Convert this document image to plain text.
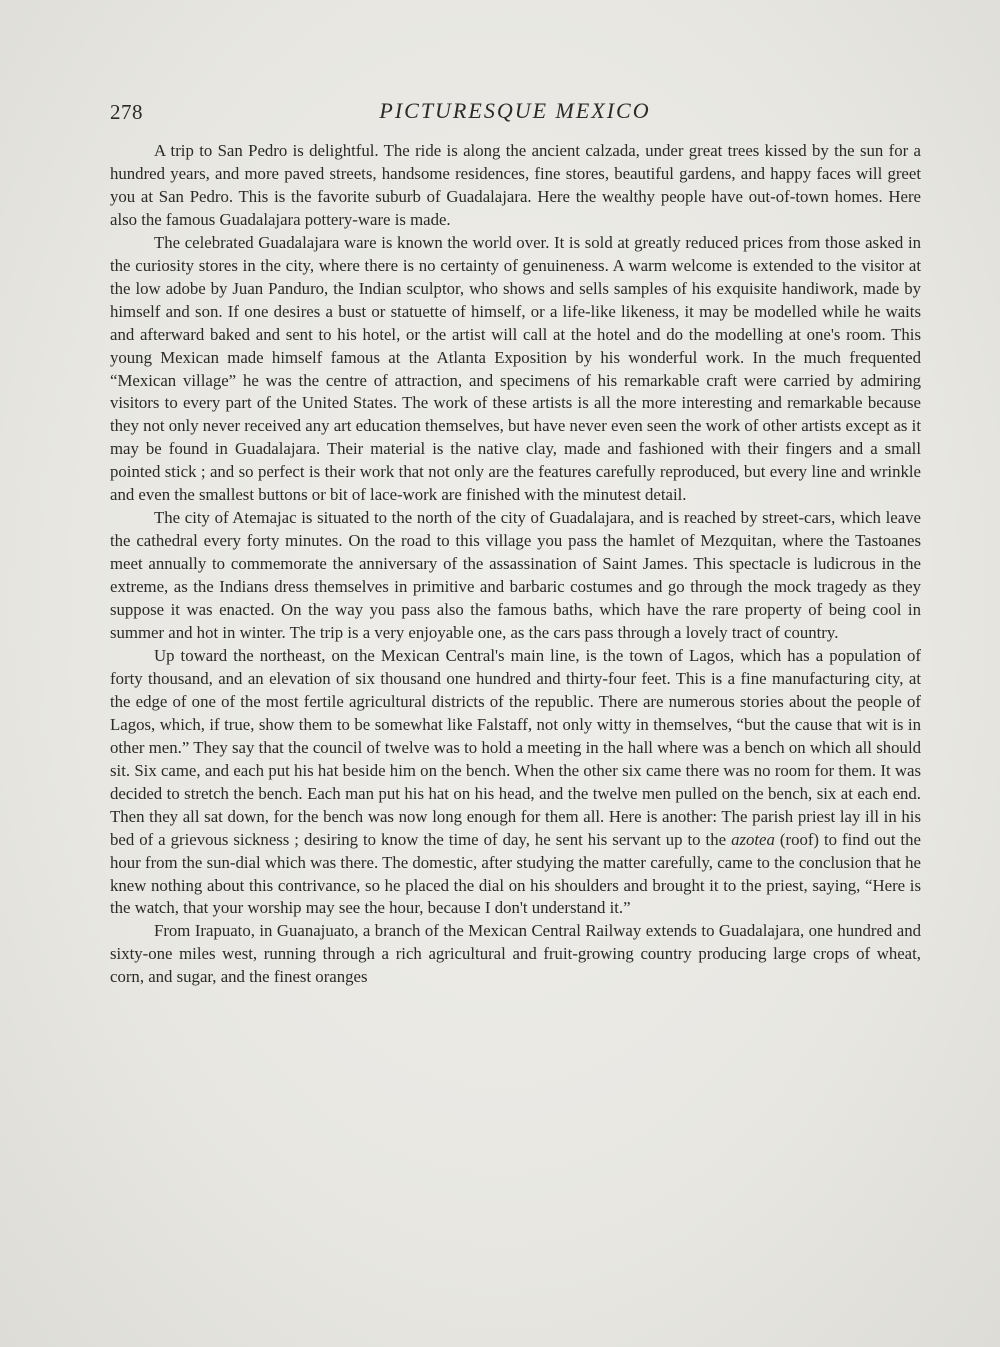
278	PICTURESQUE MEXICO

A trip to San Pedro is delightful. The ride is along the ancient calzada, under great trees kissed by the sun for a hundred years, and more paved streets, handsome residences, fine stores, beautiful gardens, and happy faces will greet you at San Pedro. This is the favorite suburb of Guadalajara. Here the wealthy people have out-of-town homes. Here also the famous Guadalajara pottery-ware is made.

The celebrated Guadalajara ware is known the world over. It is sold at greatly reduced prices from those asked in the curiosity stores in the city, where there is no certainty of genuineness. A warm welcome is extended to the visitor at the low adobe by Juan Panduro, the Indian sculptor, who shows and sells samples of his exquisite handiwork, made by himself and son. If one desires a bust or statuette of himself, or a life-like likeness, it may be modelled while he waits and afterward baked and sent to his hotel, or the artist will call at the hotel and do the modelling at one's room. This young Mexican made himself famous at the Atlanta Exposition by his wonderful work. In the much frequented “Mexican village” he was the centre of attraction, and specimens of his remarkable craft were carried by admiring visitors to every part of the United States. The work of these artists is all the more interesting and remarkable because they not only never received any art education themselves, but have never even seen the work of other artists except as it may be found in Guadalajara. Their material is the native clay, made and fashioned with their fingers and a small pointed stick ; and so perfect is their work that not only are the features carefully reproduced, but every line and wrinkle and even the smallest buttons or bit of lace-work are finished with the minutest detail.

The city of Atemajac is situated to the north of the city of Guadalajara, and is reached by street-cars, which leave the cathedral every forty minutes. On the road to this village you pass the hamlet of Mezquitan, where the Tastoanes meet annually to commemorate the anniversary of the assassination of Saint James. This spectacle is ludicrous in the extreme, as the Indians dress themselves in primitive and barbaric costumes and go through the mock tragedy as they suppose it was enacted. On the way you pass also the famous baths, which have the rare property of being cool in summer and hot in winter. The trip is a very enjoyable one, as the cars pass through a lovely tract of country.

Up toward the northeast, on the Mexican Central's main line, is the town of Lagos, which has a population of forty thousand, and an elevation of six thousand one hundred and thirty-four feet. This is a fine manufacturing city, at the edge of one of the most fertile agricultural districts of the republic. There are numerous stories about the people of Lagos, which, if true, show them to be somewhat like Falstaff, not only witty in themselves, “but the cause that wit is in other men.” They say that the council of twelve was to hold a meeting in the hall where was a bench on which all should sit. Six came, and each put his hat beside him on the bench. When the other six came there was no room for them. It was decided to stretch the bench. Each man put his hat on his head, and the twelve men pulled on the bench, six at each end. Then they all sat down, for the bench was now long enough for them all. Here is another: The parish priest lay ill in his bed of a grievous sickness ; desiring to know the time of day, he sent his servant up to the azotea (roof) to find out the hour from the sun-dial which was there. The domestic, after studying the matter carefully, came to the conclusion that he knew nothing about this contrivance, so he placed the dial on his shoulders and brought it to the priest, saying, “Here is the watch, that your worship may see the hour, because I don't understand it.”

From Irapuato, in Guanajuato, a branch of the Mexican Central Railway extends to Guadalajara, one hundred and sixty-one miles west, running through a rich agricultural and fruit-growing country producing large crops of wheat, corn, and sugar, and the finest oranges
